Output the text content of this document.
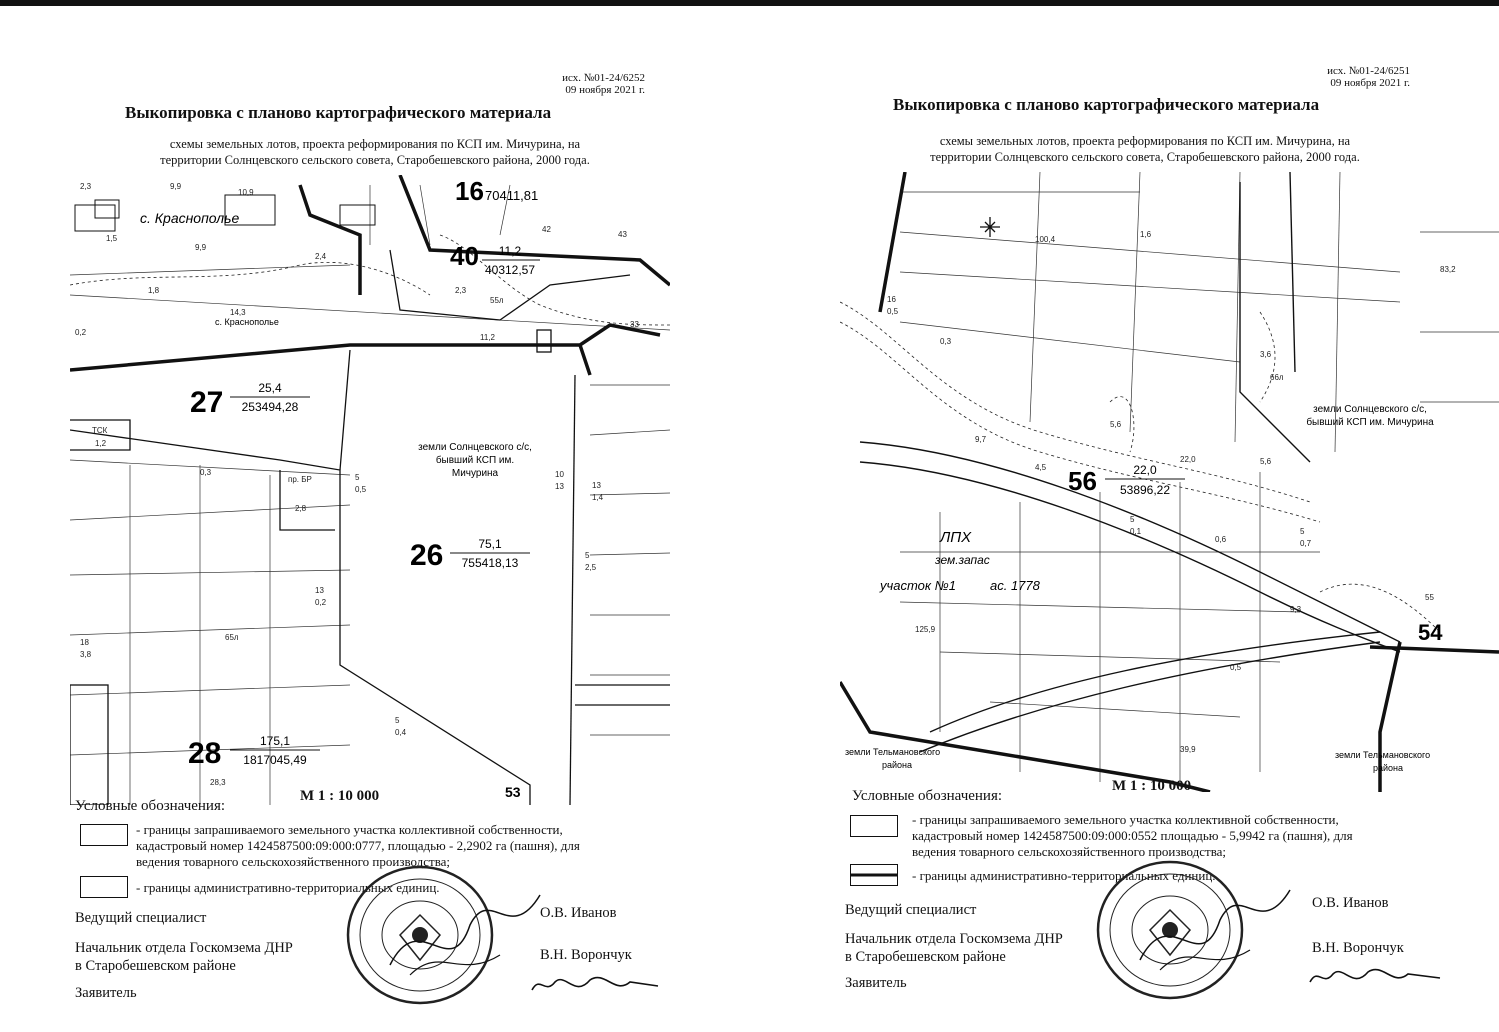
исх. №01-24/6252
09 ноября 2021 г.
Выкопировка с планово картографического материала
схемы земельных лотов, проекта реформирования по КСП им. Мичурина, на
территории Солнцевского сельского совета, Старобешевского района, 2000 года.
с. Краснополье
с. Краснополье
земли Солнцевского с/с,
бывший КСП им.
Мичурина
16 70411,81
40 11,2
40312,57
27	25,4
253494,28
26	75,1
755418,13
28	175,1
1817045,49
53
2,3
9,9
10,9
1,5
9,9
1,8
14,3
2,4
0,2
11,2
2,3
55л
42
43
1,2
ТСК
0,3
пр. БР
2,8
5
0,5
13
0,2
18
3,8
65л
5
0,4
28,3
5
2,5
10
13	13
1,4
33
М 1 : 10 000
Условные обозначения:
- границы запрашиваемого земельного участка коллективной собственности,
кадастровый номер 1424587500:09:000:0777, площадью - 2,2902 га (пашня), для
ведения товарного сельскохозяйственного производства;
- границы административно-территориальных единиц.
Ведущий специалист	О.В. Иванов
Начальник отдела Госкомзема ДНР
в Старобешевском районе
В.Н. Ворончук
Заявитель
исх. №01-24/6251
09 ноября 2021 г.
Выкопировка с планово картографического материала
схемы земельных лотов, проекта реформирования по КСП им. Мичурина, на
территории Солнцевского сельского совета, Старобешевского района, 2000 года.
земли Солнцевского с/с,
бывший КСП им. Мичурина
56	22,0
53896,22
54
ЛПХ
зем.запас
участок №1	ас. 1778
земли Тельмановского
района
земли Тельмановского
района
100,4
1,6
83,2
16
0,5
3,6
66л
5,6
9,7
5,6
4,5
22,0
5
0,1	5
0,7
125,9
39,9
9,3
0,5
55
0,6
0,3
М 1 : 10 000
Условные обозначения:
- границы запрашиваемого земельного участка коллективной собственности,
кадастровый номер 1424587500:09:000:0552 площадью - 5,9942 га (пашня), для
ведения товарного сельскохозяйственного производства;
- границы административно-территориальных единиц.
Ведущий специалист	О.В. Иванов
Начальник отдела Госкомзема ДНР
в Старобешевском районе
В.Н. Ворончук
Заявитель
